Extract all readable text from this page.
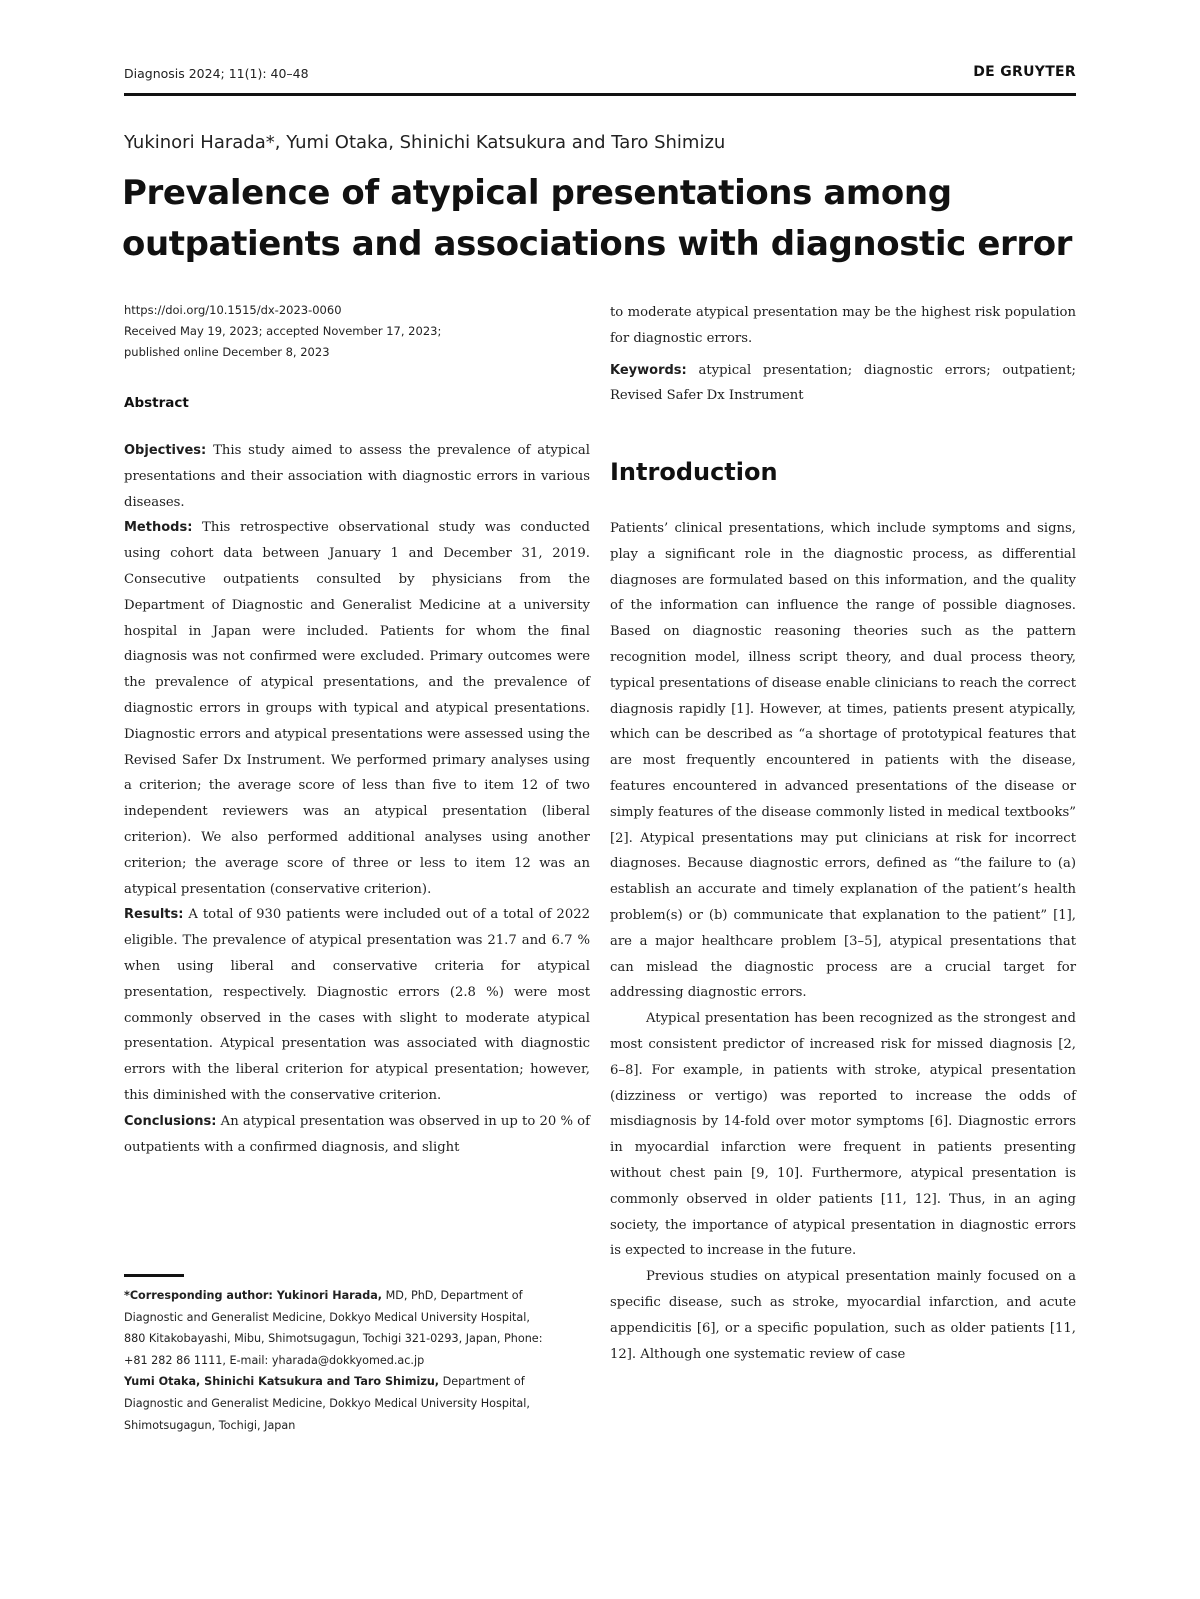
Diagnosis 2024; 11(1): 40–48	DE GRUYTER
Yukinori Harada*, Yumi Otaka, Shinichi Katsukura and Taro Shimizu
Prevalence of atypical presentations among
outpatients and associations with diagnostic error
https://doi.org/10.1515/dx-2023-0060
Received May 19, 2023; accepted November 17, 2023;
published online December 8, 2023
Abstract

Objectives: This study aimed to assess the prevalence of atypical presentations and their association with diagnostic errors in various diseases.

Methods: This retrospective observational study was conducted using cohort data between January 1 and December 31, 2019. Consecutive outpatients consulted by physicians from the Department of Diagnostic and Generalist Medicine at a university hospital in Japan were included. Patients for whom the final diagnosis was not confirmed were excluded. Primary outcomes were the prevalence of atypical presentations, and the prevalence of diagnostic errors in groups with typical and atypical presentations. Diagnostic errors and atypical presentations were assessed using the Revised Safer Dx Instrument. We performed primary analyses using a criterion; the average score of less than five to item 12 of two independent reviewers was an atypical presentation (liberal criterion). We also performed additional analyses using another criterion; the average score of three or less to item 12 was an atypical presentation (conservative criterion).

Results: A total of 930 patients were included out of a total of 2022 eligible. The prevalence of atypical presentation was 21.7 and 6.7 % when using liberal and conservative criteria for atypical presentation, respectively. Diagnostic errors (2.8 %) were most commonly observed in the cases with slight to moderate atypical presentation. Atypical presentation was associated with diagnostic errors with the liberal criterion for atypical presentation; however, this diminished with the conservative criterion.

Conclusions: An atypical presentation was observed in up to 20 % of outpatients with a confirmed diagnosis, and slight

*Corresponding author: Yukinori Harada, MD, PhD, Department of
Diagnostic and Generalist Medicine, Dokkyo Medical University Hospital,
880 Kitakobayashi, Mibu, Shimotsugagun, Tochigi 321-0293, Japan, Phone:
+81 282 86 1111, E-mail: yharada@dokkyomed.ac.jp
Yumi Otaka, Shinichi Katsukura and Taro Shimizu, Department of
Diagnostic and Generalist Medicine, Dokkyo Medical University Hospital,
Shimotsugagun, Tochigi, Japan

to moderate atypical presentation may be the highest risk population for diagnostic errors.

Keywords: atypical presentation; diagnostic errors; outpatient; Revised Safer Dx Instrument

Introduction

Patients’ clinical presentations, which include symptoms and signs, play a significant role in the diagnostic process, as differential diagnoses are formulated based on this information, and the quality of the information can influence the range of possible diagnoses. Based on diagnostic reasoning theories such as the pattern recognition model, illness script theory, and dual process theory, typical presentations of disease enable clinicians to reach the correct diagnosis rapidly [1]. However, at times, patients present atypically, which can be described as “a shortage of prototypical features that are most frequently encountered in patients with the disease, features encountered in advanced presentations of the disease or simply features of the disease commonly listed in medical textbooks” [2]. Atypical presentations may put clinicians at risk for incorrect diagnoses. Because diagnostic errors, defined as “the failure to (a) establish an accurate and timely explanation of the patient’s health problem(s) or (b) communicate that explanation to the patient” [1], are a major healthcare problem [3–5], atypical presentations that can mislead the diagnostic process are a crucial target for addressing diagnostic errors.

Atypical presentation has been recognized as the strongest and most consistent predictor of increased risk for missed diagnosis [2, 6–8]. For example, in patients with stroke, atypical presentation (dizziness or vertigo) was reported to increase the odds of misdiagnosis by 14-fold over motor symptoms [6]. Diagnostic errors in myocardial infarction were frequent in patients presenting without chest pain [9, 10]. Furthermore, atypical presentation is commonly observed in older patients [11, 12]. Thus, in an aging society, the importance of atypical presentation in diagnostic errors is expected to increase in the future.

Previous studies on atypical presentation mainly focused on a specific disease, such as stroke, myocardial infarction, and acute appendicitis [6], or a specific population, such as older patients [11, 12]. Although one systematic review of case
